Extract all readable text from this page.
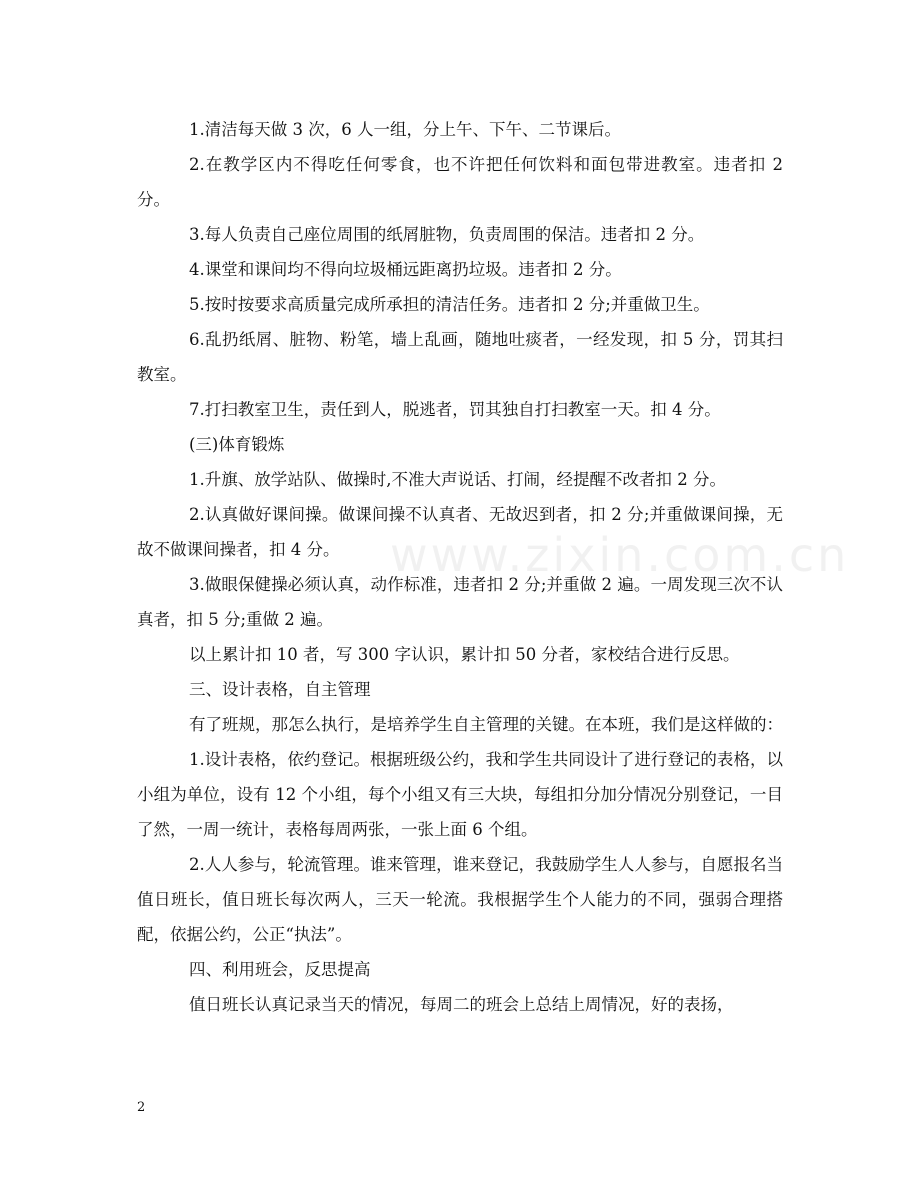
1.清洁每天做 3 次，6 人一组，分上午、下午、二节课后。

2.在教学区内不得吃任何零食，也不许把任何饮料和面包带进教室。违者扣 2 分。

3.每人负责自己座位周围的纸屑脏物，负责周围的保洁。违者扣 2 分。

4.课堂和课间均不得向垃圾桶远距离扔垃圾。违者扣 2 分。

5.按时按要求高质量完成所承担的清洁任务。违者扣 2 分;并重做卫生。

6.乱扔纸屑、脏物、粉笔，墙上乱画，随地吐痰者，一经发现，扣 5 分，罚其扫教室。

7.打扫教室卫生，责任到人，脱逃者，罚其独自打扫教室一天。扣 4 分。

(三)体育锻炼

1.升旗、放学站队、做操时,不准大声说话、打闹，经提醒不改者扣 2 分。

2.认真做好课间操。做课间操不认真者、无故迟到者，扣 2 分;并重做课间操，无故不做课间操者，扣 4 分。

3.做眼保健操必须认真，动作标准，违者扣 2 分;并重做 2 遍。一周发现三次不认真者，扣 5 分;重做 2 遍。

以上累计扣 10 者，写 300 字认识，累计扣 50 分者，家校结合进行反思。

三、设计表格，自主管理

有了班规，那怎么执行，是培养学生自主管理的关键。在本班，我们是这样做的：

1.设计表格，依约登记。根据班级公约，我和学生共同设计了进行登记的表格，以小组为单位，设有 12 个小组，每个小组又有三大块，每组扣分加分情况分别登记，一目了然，一周一统计，表格每周两张，一张上面 6 个组。

2.人人参与，轮流管理。谁来管理，谁来登记，我鼓励学生人人参与，自愿报名当值日班长，值日班长每次两人，三天一轮流。我根据学生个人能力的不同，强弱合理搭配，依据公约，公正“执法”。

四、利用班会，反思提高

值日班长认真记录当天的情况，每周二的班会上总结上周情况，好的表扬，

www.zixin.com.cn
2
